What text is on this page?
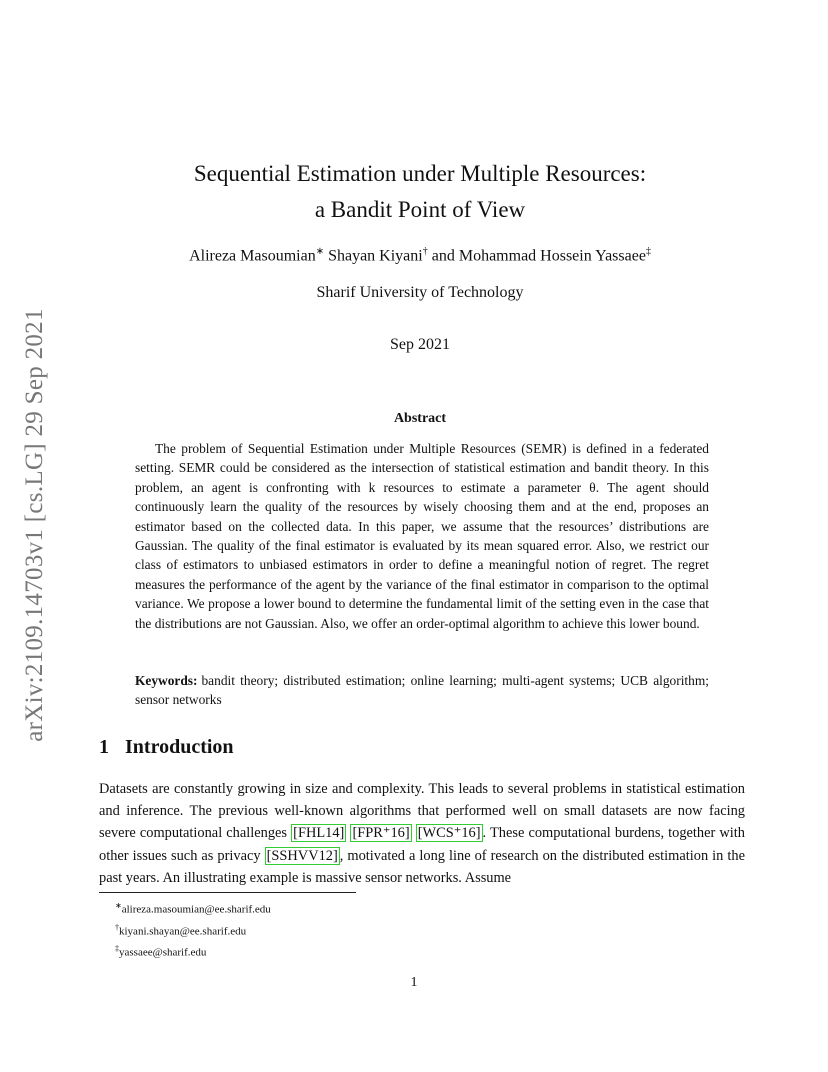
arXiv:2109.14703v1 [cs.LG] 29 Sep 2021
Sequential Estimation under Multiple Resources:
a Bandit Point of View
Alireza Masoumian∗ Shayan Kiyani† and Mohammad Hossein Yassaee‡
Sharif University of Technology
Sep 2021
Abstract

The problem of Sequential Estimation under Multiple Resources (SEMR) is defined in a federated setting. SEMR could be considered as the intersection of statistical estimation and bandit theory. In this problem, an agent is confronting with k resources to estimate a parameter θ. The agent should continuously learn the quality of the resources by wisely choosing them and at the end, proposes an estimator based on the collected data. In this paper, we assume that the resources’ distributions are Gaussian. The quality of the final estimator is evaluated by its mean squared error. Also, we restrict our class of estimators to unbiased estimators in order to define a meaningful notion of regret. The regret measures the performance of the agent by the variance of the final estimator in comparison to the optimal variance. We propose a lower bound to determine the fundamental limit of the setting even in the case that the distributions are not Gaussian. Also, we offer an order-optimal algorithm to achieve this lower bound.

Keywords: bandit theory; distributed estimation; online learning; multi-agent systems; UCB algorithm; sensor networks
1 Introduction

Datasets are constantly growing in size and complexity. This leads to several problems in statistical estimation and inference. The previous well-known algorithms that performed well on small datasets are now facing severe computational challenges [FHL14] [FPR⁺16] [WCS⁺16] . These computational burdens, together with other issues such as privacy [SSHVV12] , motivated a long line of research on the distributed estimation in the past years. An illustrating example is massive sensor networks. Assume

∗alireza.masoumian@ee.sharif.edu
†kiyani.shayan@ee.sharif.edu
‡yassaee@sharif.edu
1
